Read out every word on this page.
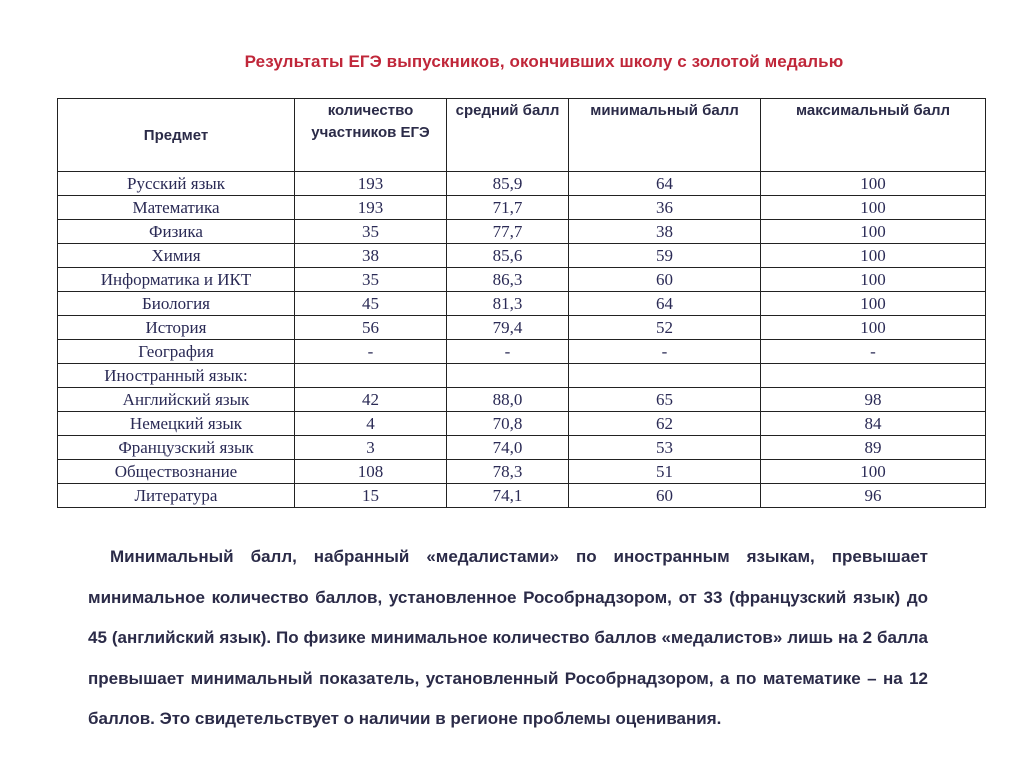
Результаты ЕГЭ выпускников, окончивших школу с золотой медалью
Предмет	количество участников ЕГЭ	средний балл	минимальный балл	максимальный балл
Русский язык	193	85,9	64	100
Математика	193	71,7	36	100
Физика	35	77,7	38	100
Химия	38	85,6	59	100
Информатика и ИКТ	35	86,3	60	100
Биология	45	81,3	64	100
История	56	79,4	52	100
География	-	-	-	-
Иностранный язык:				
Английский язык	42	88,0	65	98
Немецкий язык	4	70,8	62	84
Французский язык	3	74,0	53	89
Обществознание	108	78,3	51	100
Литература	15	74,1	60	96

Минимальный балл, набранный «медалистами» по иностранным языкам, превышает минимальное количество баллов, установленное Рособрнадзором, от 33 (французский язык) до 45 (английский язык). По физике минимальное количество баллов «медалистов» лишь на 2 балла превышает минимальный показатель, установленный Рособрнадзором, а по математике – на 12 баллов. Это свидетельствует о наличии в регионе проблемы оценивания.
